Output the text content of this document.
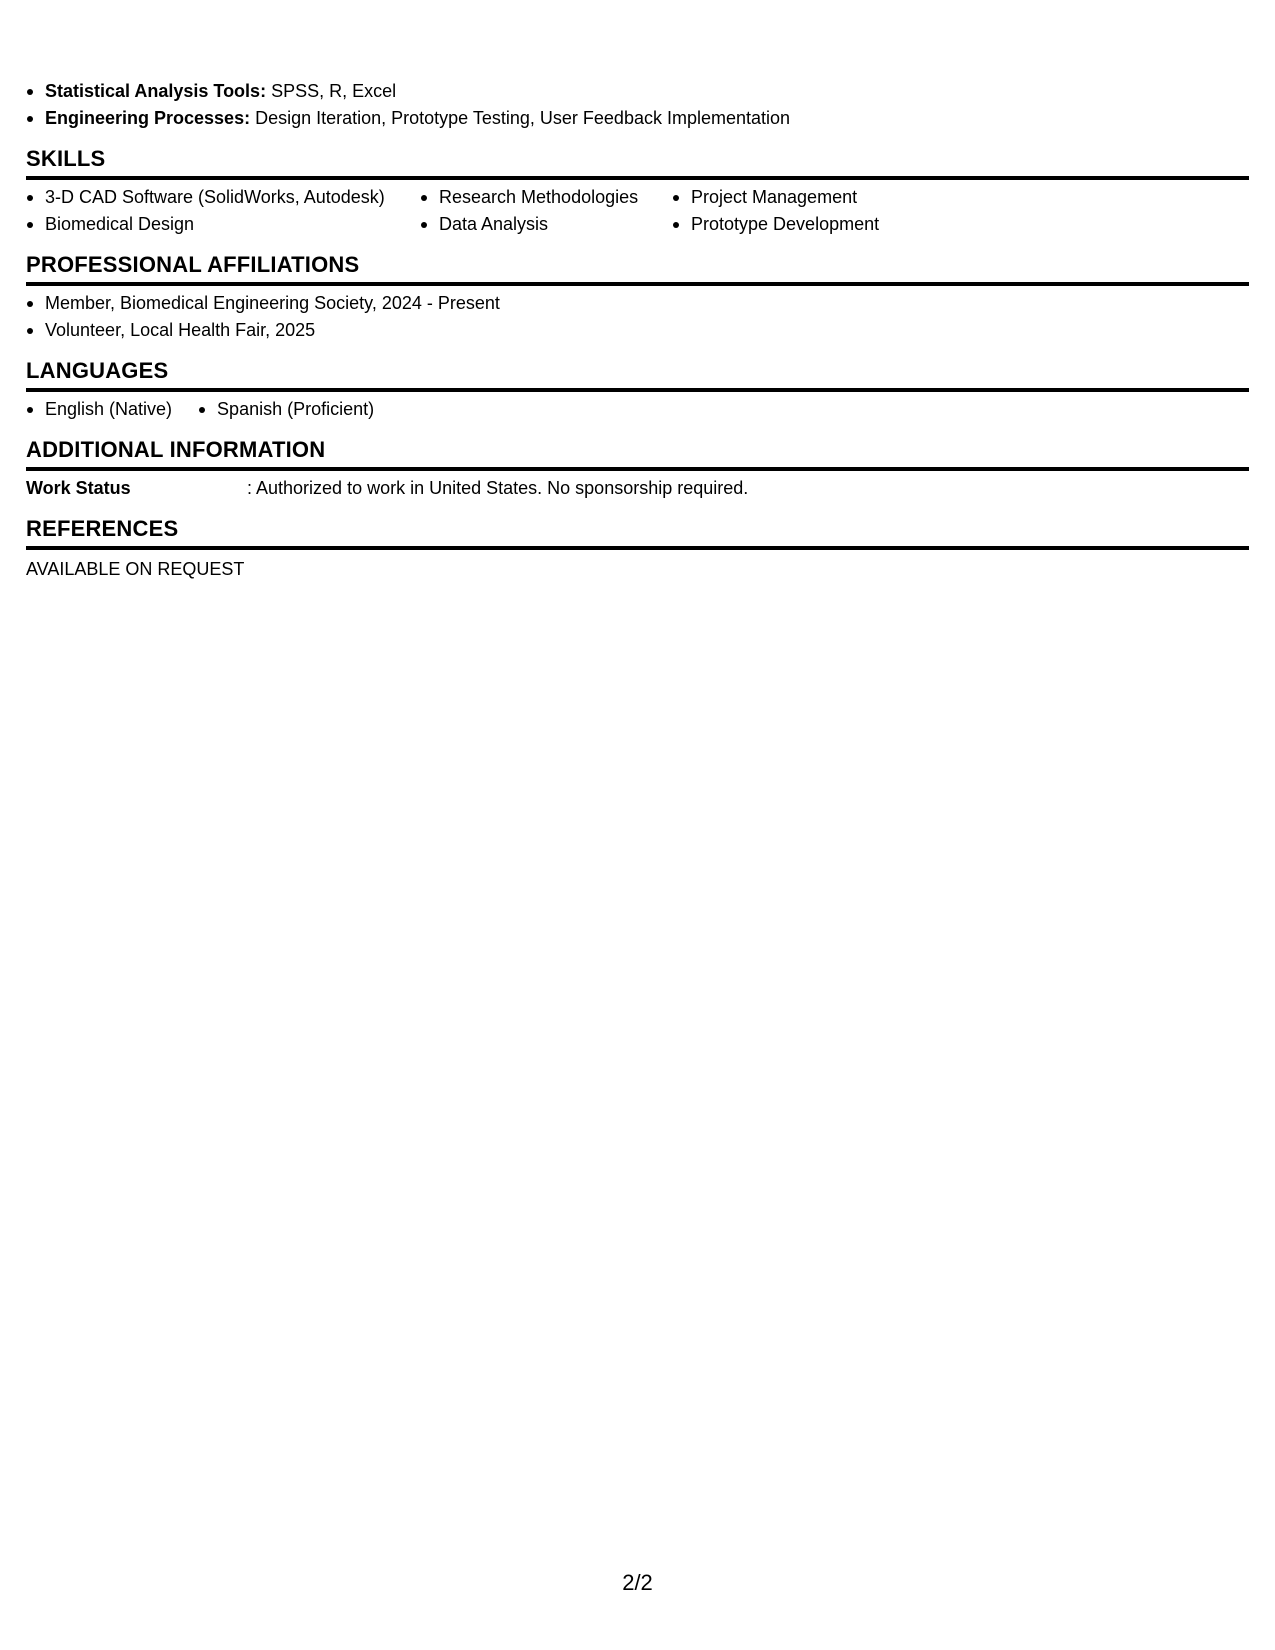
Statistical Analysis Tools: SPSS, R, Excel
Engineering Processes: Design Iteration, Prototype Testing, User Feedback Implementation
SKILLS
3-D CAD Software (SolidWorks, Autodesk)
Biomedical Design
Research Methodologies
Data Analysis
Project Management
Prototype Development
PROFESSIONAL AFFILIATIONS
Member, Biomedical Engineering Society, 2024 - Present
Volunteer, Local Health Fair, 2025
LANGUAGES
English (Native)	Spanish (Proficient)
ADDITIONAL INFORMATION
Work Status	: Authorized to work in United States. No sponsorship required.
REFERENCES
AVAILABLE ON REQUEST
2/2
